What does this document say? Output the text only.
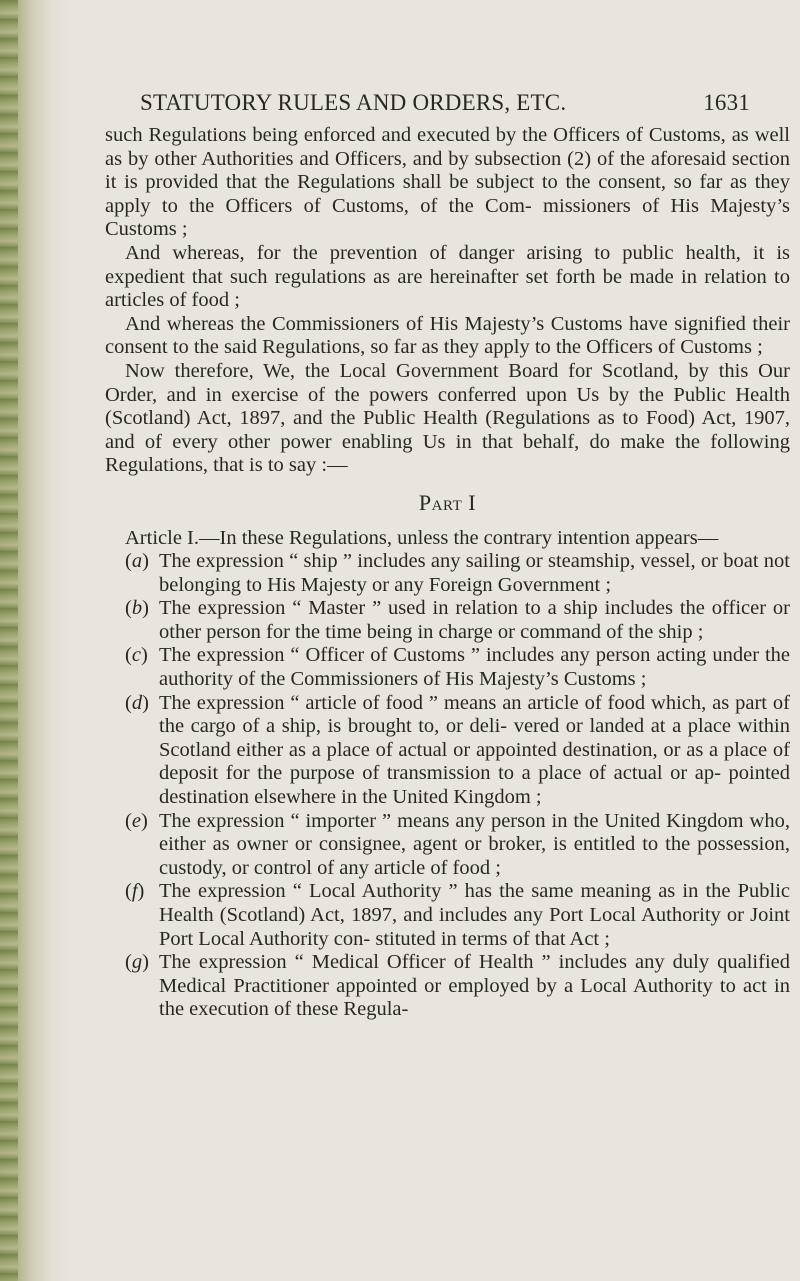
STATUTORY RULES AND ORDERS, ETC.	1631

such Regulations being enforced and executed by the Officers of Customs, as well as by other Authorities and Officers, and by subsection (2) of the aforesaid section it is provided that the Regulations shall be subject to the consent, so far as they apply to the Officers of Customs, of the Com- missioners of His Majesty’s Customs ;

And whereas, for the prevention of danger arising to public health, it is expedient that such regulations as are hereinafter set forth be made in relation to articles of food ;

And whereas the Commissioners of His Majesty’s Customs have signified their consent to the said Regulations, so far as they apply to the Officers of Customs ;

Now therefore, We, the Local Government Board for Scotland, by this Our Order, and in exercise of the powers conferred upon Us by the Public Health (Scotland) Act, 1897, and the Public Health (Regulations as to Food) Act, 1907, and of every other power enabling Us in that behalf, do make the following Regulations, that is to say :—

Part I

Article I.—In these Regulations, unless the contrary intention appears—

(a) The expression “ ship ” includes any sailing or steamship, vessel, or boat not belonging to His Majesty or any Foreign Government ;
(b) The expression “ Master ” used in relation to a ship includes the officer or other person for the time being in charge or command of the ship ;
(c) The expression “ Officer of Customs ” includes any person acting under the authority of the Commissioners of His Majesty’s Customs ;
(d) The expression “ article of food ” means an article of food which, as part of the cargo of a ship, is brought to, or deli- vered or landed at a place within Scotland either as a place of actual or appointed destination, or as a place of deposit for the purpose of transmission to a place of actual or ap- pointed destination elsewhere in the United Kingdom ;
(e) The expression “ importer ” means any person in the United Kingdom who, either as owner or consignee, agent or broker, is entitled to the possession, custody, or control of any article of food ;
(f) The expression “ Local Authority ” has the same meaning as in the Public Health (Scotland) Act, 1897, and includes any Port Local Authority or Joint Port Local Authority con- stituted in terms of that Act ;
(g) The expression “ Medical Officer of Health ” includes any duly qualified Medical Practitioner appointed or employed by a Local Authority to act in the execution of these Regula-
